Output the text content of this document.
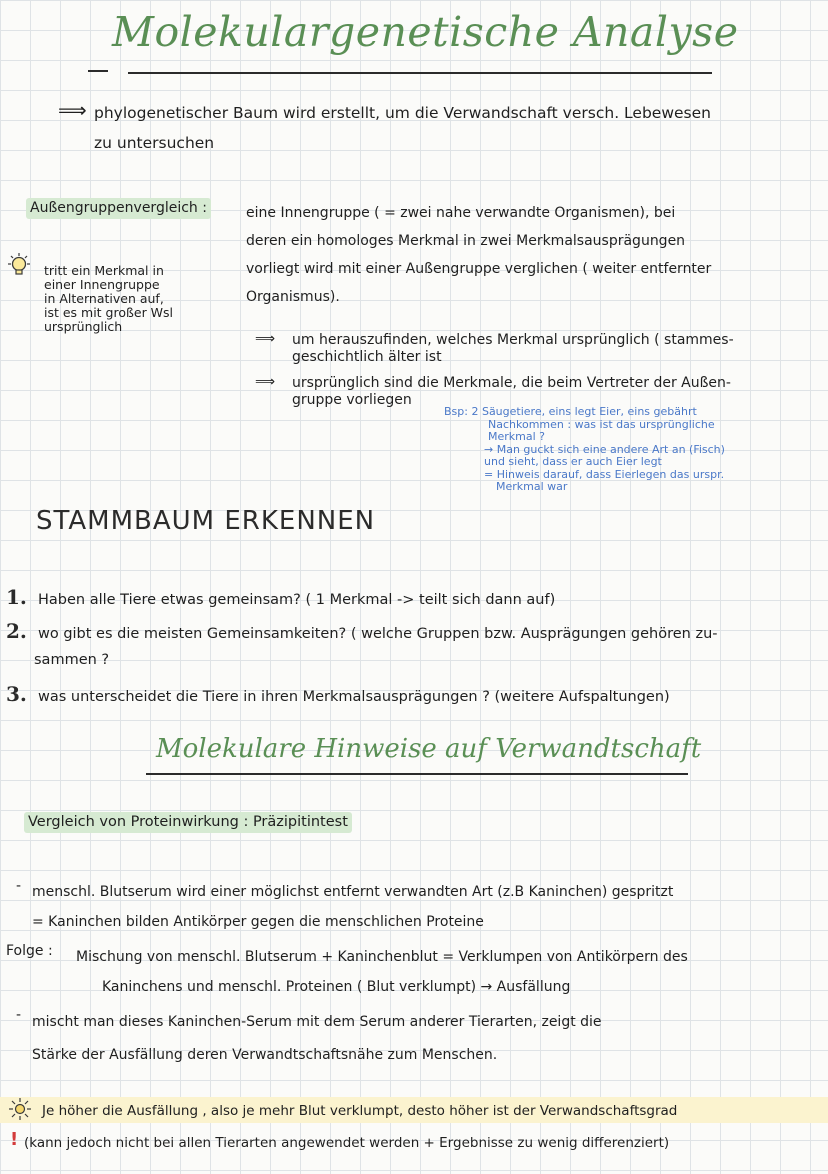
Molekulargenetische Analyse
⟹ phylogenetischer Baum wird erstellt, um die Verwandschaft versch. Lebewesen
zu untersuchen
Außengruppenvergleich :	eine Innengruppe ( = zwei nahe verwandte Organismen), bei
deren ein homologes Merkmal in zwei Merkmalsausprägungen
vorliegt wird mit einer Außengruppe verglichen ( weiter entfernter
Organismus).
tritt ein Merkmal in
einer Innengruppe
in Alternativen auf,
ist es mit großer Wsl
ursprünglich
⟹ um herauszufinden, welches Merkmal ursprünglich ( stammes-
geschichtlich älter ist
⟹ ursprünglich sind die Merkmale, die beim Vertreter der Außen-
gruppe vorliegen
Bsp: 2 Säugetiere, eins legt Eier, eins gebährt
Nachkommen : was ist das ursprüngliche
Merkmal ?
→ Man guckt sich eine andere Art an (Fisch)
und sieht, dass er auch Eier legt
= Hinweis darauf, dass Eierlegen das urspr.
Merkmal war
STAMMBAUM ERKENNEN
1. Haben alle Tiere etwas gemeinsam? ( 1 Merkmal -> teilt sich dann auf)
2. wo gibt es die meisten Gemeinsamkeiten? ( welche Gruppen bzw. Ausprägungen gehören zu-
sammen ?
3. was unterscheidet die Tiere in ihren Merkmalsausprägungen ? (weitere Aufspaltungen)
Molekulare Hinweise auf Verwandtschaft
Vergleich von Proteinwirkung : Präzipitintest
- menschl. Blutserum wird einer möglichst entfernt verwandten Art (z.B Kaninchen) gespritzt
= Kaninchen bilden Antikörper gegen die menschlichen Proteine
Folge : Mischung von menschl. Blutserum + Kaninchenblut = Verklumpen von Antikörpern des
Kaninchens und menschl. Proteinen ( Blut verklumpt) → Ausfällung
- mischt man dieses Kaninchen-Serum mit dem Serum anderer Tierarten, zeigt die
Stärke der Ausfällung deren Verwandtschaftsnähe zum Menschen.
Je höher die Ausfällung , also je mehr Blut verklumpt, desto höher ist der Verwandschaftsgrad
! (kann jedoch nicht bei allen Tierarten angewendet werden + Ergebnisse zu wenig differenziert)
